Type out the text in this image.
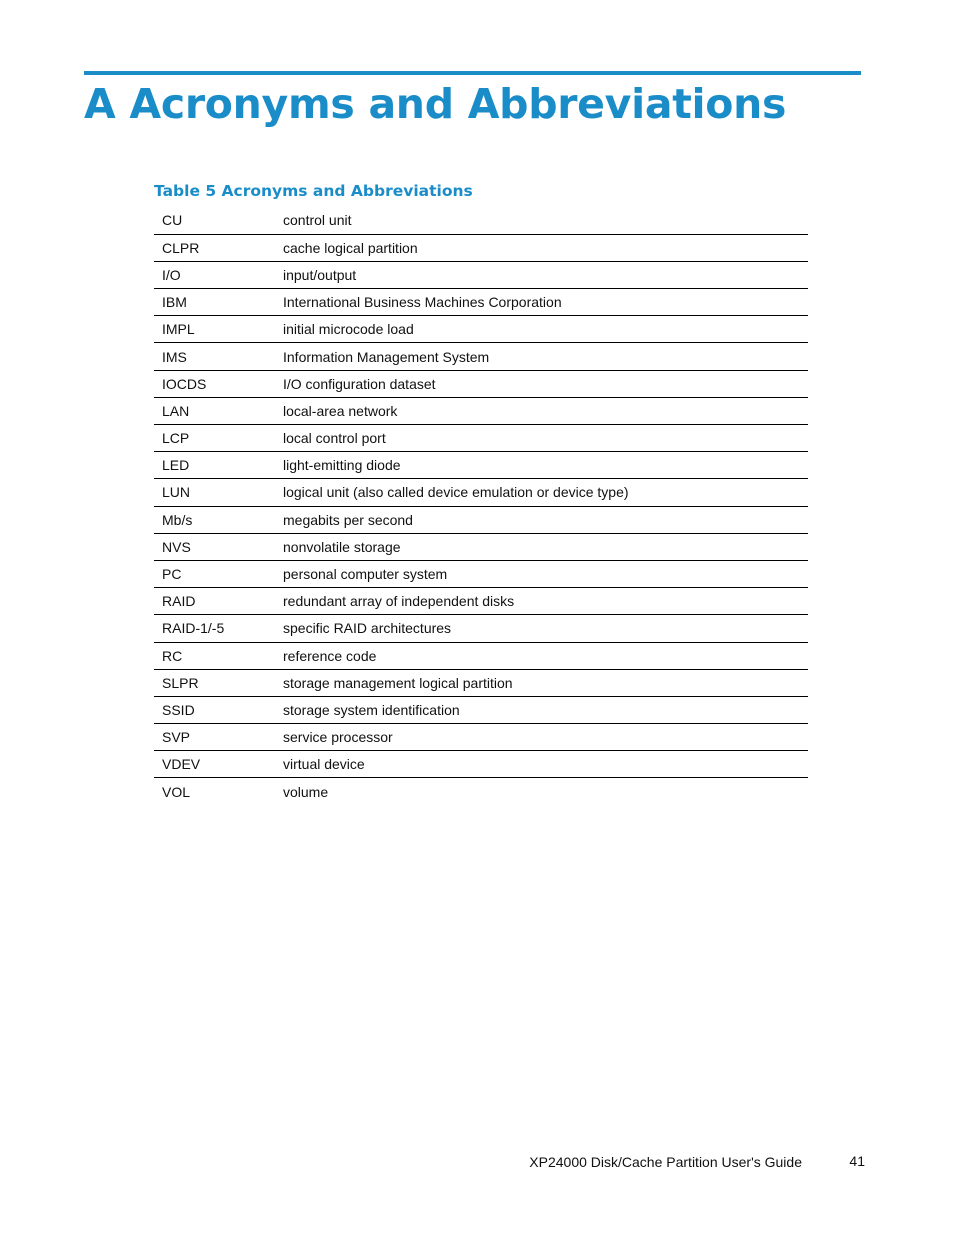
A Acronyms and Abbreviations

Table 5 Acronyms and Abbreviations

CU	control unit
CLPR	cache logical partition
I/O	input/output
IBM	International Business Machines Corporation
IMPL	initial microcode load
IMS	Information Management System
IOCDS	I/O configuration dataset
LAN	local-area network
LCP	local control port
LED	light-emitting diode
LUN	logical unit (also called device emulation or device type)
Mb/s	megabits per second
NVS	nonvolatile storage
PC	personal computer system
RAID	redundant array of independent disks
RAID-1/-5	specific RAID architectures
RC	reference code
SLPR	storage management logical partition
SSID	storage system identification
SVP	service processor
VDEV	virtual device
VOL	volume
XP24000 Disk/Cache Partition User's Guide	41
